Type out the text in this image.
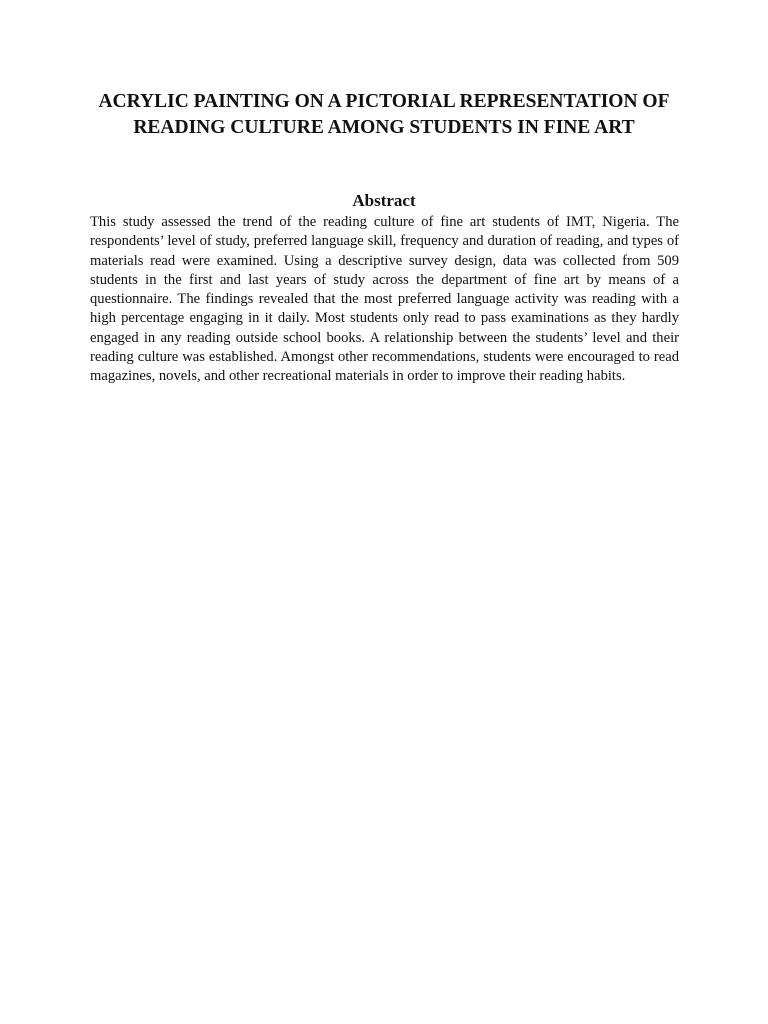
ACRYLIC PAINTING ON A PICTORIAL REPRESENTATION OF READING CULTURE AMONG STUDENTS IN FINE ART
Abstract

This study assessed the trend of the reading culture of fine art students of IMT, Nigeria. The respondents’ level of study, preferred language skill, frequency and duration of reading, and types of materials read were examined. Using a descriptive survey design, data was collected from 509 students in the first and last years of study across the department of fine art by means of a questionnaire. The findings revealed that the most preferred language activity was reading with a high percentage engaging in it daily. Most students only read to pass examinations as they hardly engaged in any reading outside school books. A relationship between the students’ level and their reading culture was established. Amongst other recommendations, students were encouraged to read magazines, novels, and other recreational materials in order to improve their reading habits.
